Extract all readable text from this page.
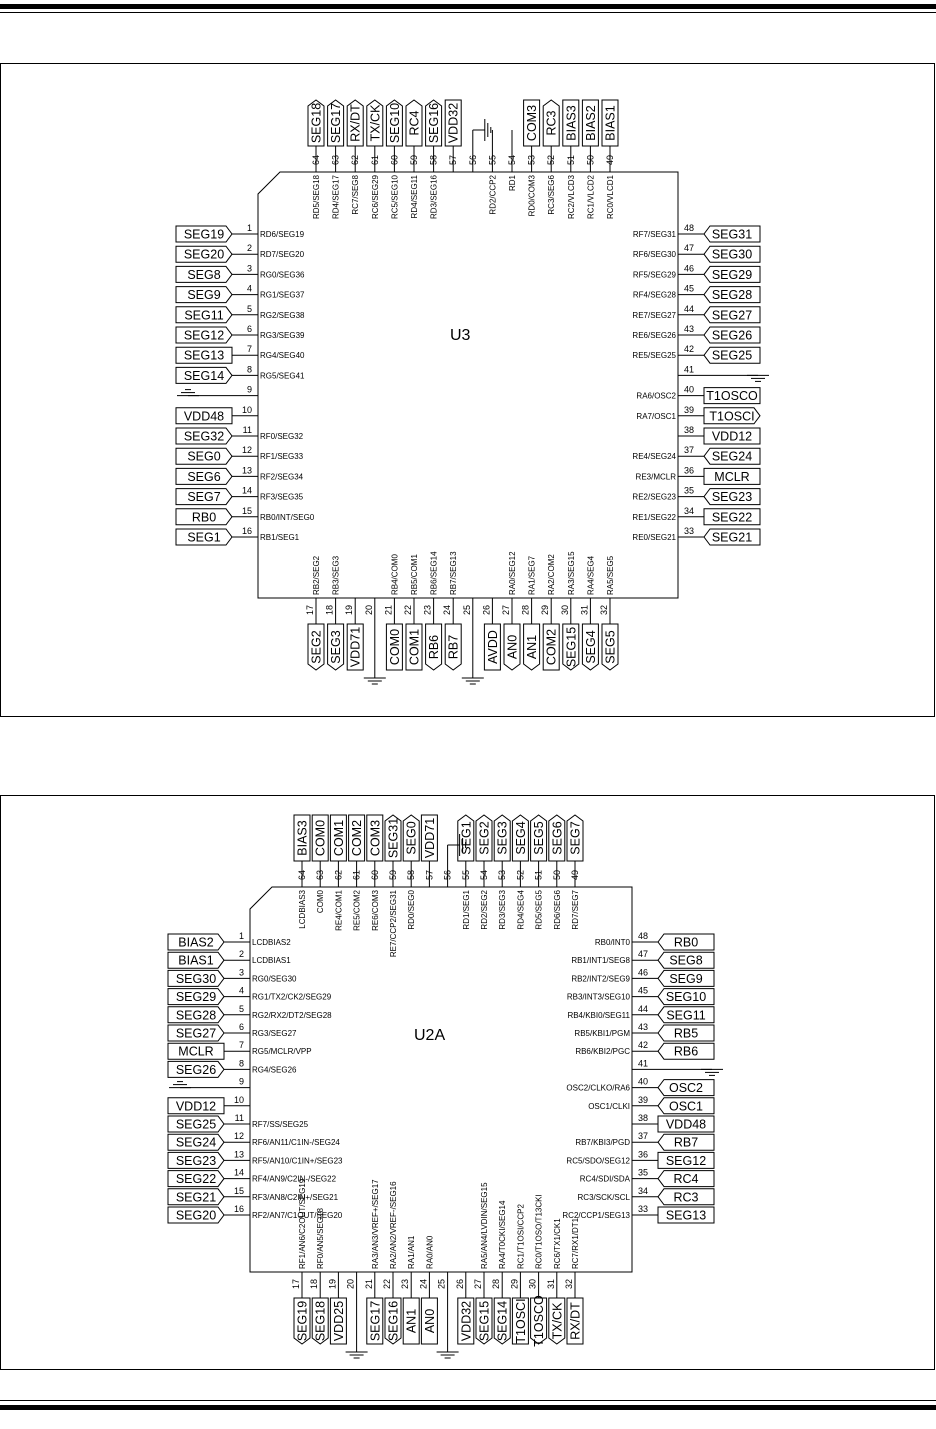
U3
1
RD6/SEG19
SEG19
2
RD7/SEG20
SEG20
3
RG0/SEG36
SEG8
4
RG1/SEG37
SEG9
5
RG2/SEG38
SEG11
6
RG3/SEG39
SEG12
7
RG4/SEG40
SEG13
8
RG5/SEG41
SEG14
9
10
VDD48
11
RF0/SEG32
SEG32
12
RF1/SEG33
SEG0
13
RF2/SEG34
SEG6
14
RF3/SEG35
SEG7
15
RB0/INT/SEG0
RB0
16
RB1/SEG1
SEG1
17
RB2/SEG2
SEG2
18
RB3/SEG3
SEG3
19
VDD71
20 21
RB4/COM0
COM0
22
RB5/COM1
COM1
23
RB6/SEG14
RB6
24
RB7/SEG13
RB7
25 26
AVDD
27
RA0/SEG12
AN0
28
RA1/SEG7
AN1
29
RA2/COM2
COM2
30
RA3/SEG15
SEG15
31
RA4/SEG4
SEG4
32
RA5/SEG5
SEG5
33
RE0/SEG21	SEG21
34
RE1/SEG22	SEG22
35
RE2/SEG23	SEG23
36
RE3/MCLR	MCLR
37
RE4/SEG24	SEG24
38 VDD12
39
RA7/OSC1	T1OSCI
40
RA6/OSC2 T1OSCO
41
42
RE5/SEG25	SEG25
43
RE6/SEG26	SEG26
44
RE7/SEG27	SEG27
45
RF4/SEG28	SEG28
46
RF5/SEG29	SEG29
47
RF6/SEG30	SEG30
48
RF7/SEG31	SEG31
49
RC0/VLCD1
BIAS1
50
RC1/VLCD2
BIAS2
51
RC2/VLCD3
BIAS3
52
RC3/SEG6
RC3
53
RD0/COM3
COM3
54
RD1
55
RD2/CCP2
56
57
VDD32
58
RD3/SEG16
SEG16
59
RD4/SEG11
RC4
60
RC5/SEG10
SEG10
61
RC6/SEG29
TX/CK
62
RC7/SEG8
RX/DT
63
RD4/SEG17
SEG17
64
RD5/SEG18
SEG18
U2A
1
LCDBIAS2
BIAS2
2
LCDBIAS1
BIAS1
3
RG0/SEG30
SEG30
4
RG1/TX2/CK2/SEG29
SEG29
5
RG2/RX2/DT2/SEG28
SEG28
6
RG3/SEG27
SEG27
7
RG5/MCLR/VPP
MCLR
8
RG4/SEG26
SEG26
9
10
VDD12
11
RF7/SS/SEG25
SEG25
12
RF6/AN11/C1IN-/SEG24
SEG24
13
RF5/AN10/C1IN+/SEG23
SEG23
14
RF4/AN9/C2IN-/SEG22
SEG22
15
RF3/AN8/C2IN+/SEG21
SEG21
16
RF2/AN7/C1OUT/SEG20
SEG20
17
RF1/AN6/C2OUT/SEG19
SEG19
18
RF0/AN5/SEG18
SEG18
19
VDD25
20 21
RA3/AN3/VREF+/SEG17
SEG17
22
RA2/AN2/VREF-/SEG16
SEG16
23
RA1/AN1
AN1
24
RA0/AN0
AN0
25 26
VDD32
27
RA5/AN4/LVDIN/SEG15
SEG15
28
RA4/T0CKI/SEG14
SEG14
29
RC1/T1OSI/CCP2
T1OSCI
30
RC0/T1OSO/T13CKI
T1OSCO
31
RC6/TX1/CK1
TX/CK
32
RC7/RX1/DT1
RX/DT
33
RC2/CCP1/SEG13	SEG13
34
RC3/SCK/SCL	RC3
35
RC4/SDI/SDA	RC4
36
RC5/SDO/SEG12	SEG12
37
RB7/KBI3/PGD	RB7
38 VDD48
39
OSC1/CLKI	OSC1
40
OSC2/CLKO/RA6	OSC2
41
42
RB6/KBI2/PGC	RB6
43
RB5/KBI1/PGM	RB5
44
RB4/KBI0/SEG11	SEG11
45
RB3/INT3/SEG10	SEG10
46
RB2/INT2/SEG9	SEG9
47
RB1/INT1/SEG8	SEG8
48
RB0/INT0	RB0
49
RD7/SEG7
SEG7
50
RD6/SEG6
SEG6
51
RD5/SEG5
SEG5
52
RD4/SEG4
SEG4
53
RD3/SEG3
SEG3
54
RD2/SEG2
SEG2
55
RD1/SEG1
SEG1
56
57
VDD71
58
RD0/SEG0
SEG0
59
RE7/CCP2/SEG31
SEG31
60
RE6/COM3
COM3
61
RE5/COM2
COM2
62
RE4/COM1
COM1
63
COM0
COM0
64
LCDBIAS3
BIAS3
